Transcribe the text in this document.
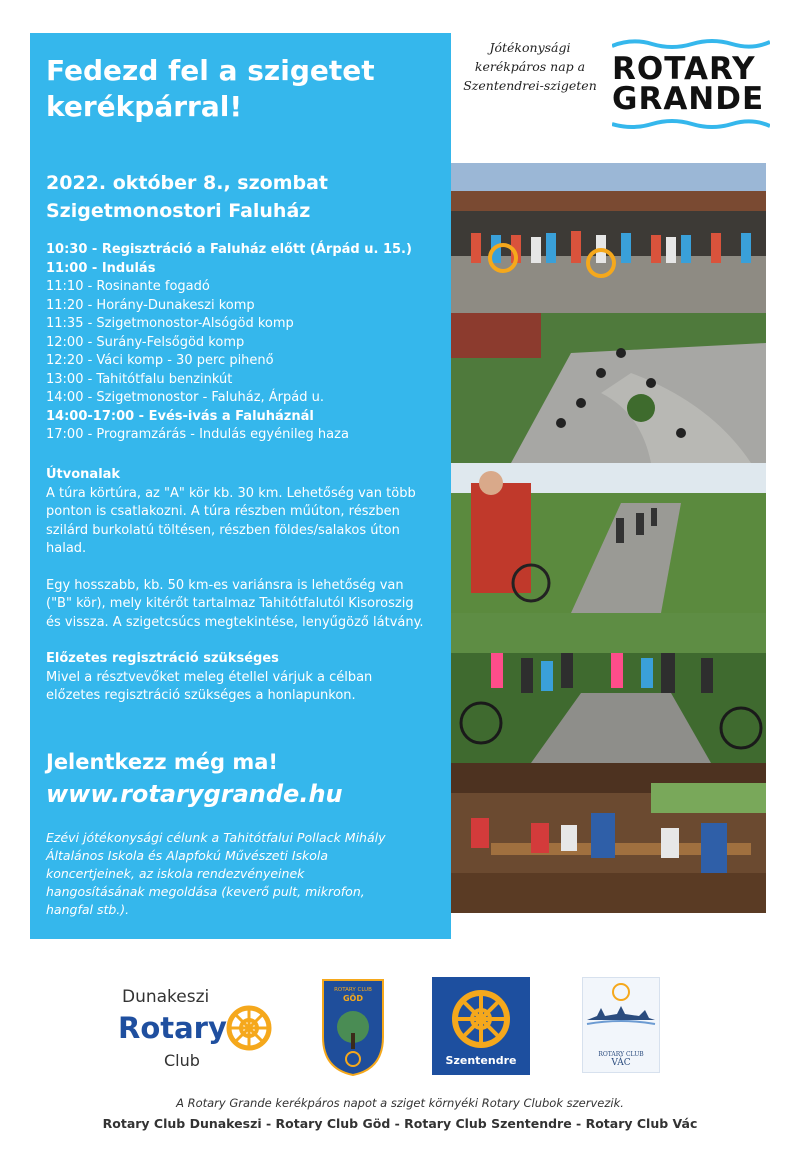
Fedezd fel a szigetet
kerékpárral!
2022. október 8., szombat
Szigetmonostori Faluház
10:30 - Regisztráció a Faluház előtt (Árpád u. 15.)
11:00 - Indulás
11:10 - Rosinante fogadó
11:20 - Horány-Dunakeszi komp
11:35 - Szigetmonostor-Alsógöd komp
12:00 - Surány-Felsőgöd komp
12:20 - Váci komp - 30 perc pihenő
13:00 - Tahitótfalu benzinkút
14:00 - Szigetmonostor - Faluház, Árpád u.
14:00-17:00 - Evés-ivás a Faluháznál
17:00 - Programzárás - Indulás egyénileg haza
Útvonalak

A túra körtúra, az "A" kör kb. 30 km. Lehetőség van több ponton is csatlakozni. A túra részben műúton, részben szilárd burkolatú töltésen, részben földes/salakos úton halad.

Egy hosszabb, kb. 50 km-es variánsra is lehetőség van ("B" kör), mely kitérőt tartalmaz Tahitótfalutól Kisoroszig és vissza. A szigetcsúcs megtekintése, lenyűgöző látvány.

Előzetes regisztráció szükséges
Mivel a résztvevőket meleg étellel várjuk a célban előzetes regisztráció szükséges a honlapunkon.
Jelentkezz még ma!
www.rotarygrande.hu
Ezévi jótékonysági célunk a Tahitótfalui Pollack Mihály Általános Iskola és Alapfokú Művészeti Iskola koncertjeinek, az iskola rendezvényeinek hangosításának megoldása (keverő pult, mikrofon, hangfal stb.).
Jótékonysági
kerékpáros nap a
Szentendrei-szigeten ROTARY
GRANDE
Dunakeszi
Rotary
Club
ROTARY CLUB
GÖD
Szentendre	ROTARY CLUB
VÁC
A Rotary Grande kerékpáros napot a sziget környéki Rotary Clubok szervezik.
Rotary Club Dunakeszi - Rotary Club Göd - Rotary Club Szentendre - Rotary Club Vác
